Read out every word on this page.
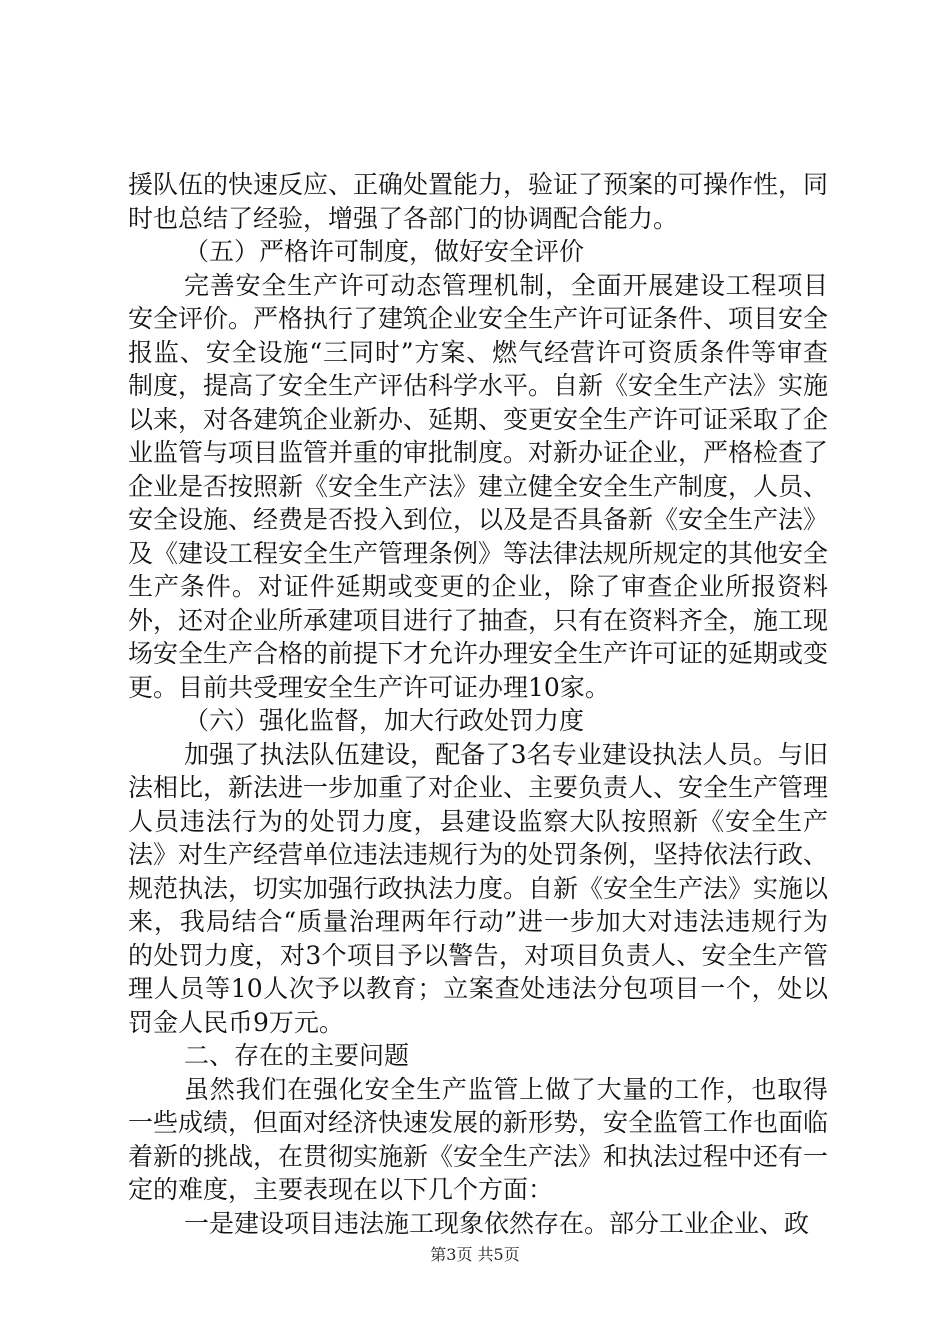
援队伍的快速反应、正确处置能力，验证了预案的可操作性，同时也总结了经验，增强了各部门的协调配合能力。

（五）严格许可制度，做好安全评价

完善安全生产许可动态管理机制，全面开展建设工程项目安全评价。严格执行了建筑企业安全生产许可证条件、项目安全报监、安全设施“三同时”方案、燃气经营许可资质条件等审查制度，提高了安全生产评估科学水平。自新《安全生产法》实施以来，对各建筑企业新办、延期、变更安全生产许可证采取了企业监管与项目监管并重的审批制度。对新办证企业，严格检查了企业是否按照新《安全生产法》建立健全安全生产制度，人员、安全设施、经费是否投入到位，以及是否具备新《安全生产法》及《建设工程安全生产管理条例》等法律法规所规定的其他安全生产条件。对证件延期或变更的企业，除了审查企业所报资料外，还对企业所承建项目进行了抽查，只有在资料齐全，施工现场安全生产合格的前提下才允许办理安全生产许可证的延期或变更。目前共受理安全生产许可证办理10家。

（六）强化监督，加大行政处罚力度

加强了执法队伍建设，配备了3名专业建设执法人员。与旧法相比，新法进一步加重了对企业、主要负责人、安全生产管理人员违法行为的处罚力度，县建设监察大队按照新《安全生产法》对生产经营单位违法违规行为的处罚条例，坚持依法行政、规范执法，切实加强行政执法力度。自新《安全生产法》实施以来，我局结合“质量治理两年行动”进一步加大对违法违规行为的处罚力度，对3个项目予以警告，对项目负责人、安全生产管理人员等10人次予以教育；立案查处违法分包项目一个，处以罚金人民币9万元。

二、存在的主要问题

虽然我们在强化安全生产监管上做了大量的工作，也取得一些成绩，但面对经济快速发展的新形势，安全监管工作也面临着新的挑战，在贯彻实施新《安全生产法》和执法过程中还有一定的难度，主要表现在以下几个方面：

一是建设项目违法施工现象依然存在。部分工业企业、政

第3页 共5页
